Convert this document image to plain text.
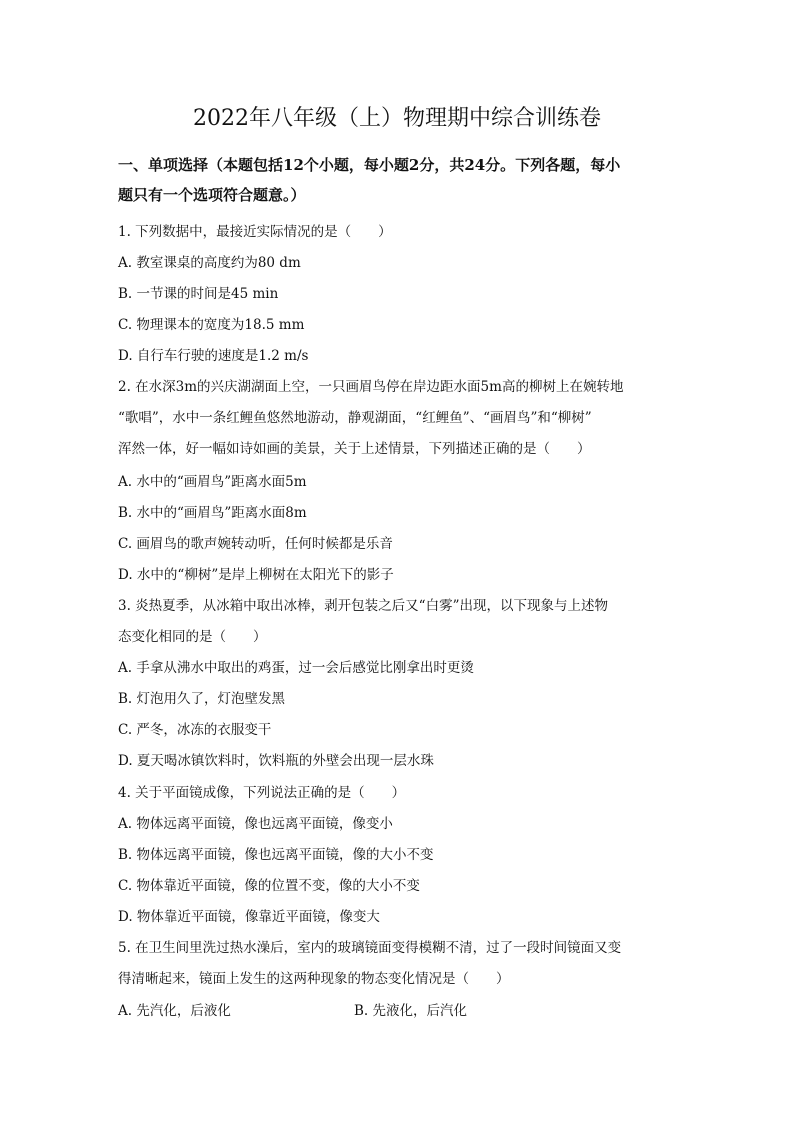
2022年八年级（上）物理期中综合训练卷
一、单项选择（本题包括12个小题，每小题2分，共24分。下列各题，每小
题只有一个选项符合题意。）
1. 下列数据中，最接近实际情况的是（　　）
A. 教室课桌的高度约为80 dm
B. 一节课的时间是45 min
C. 物理课本的宽度为18.5 mm
D. 自行车行驶的速度是1.2 m/s
2. 在水深3m的兴庆湖湖面上空，一只画眉鸟停在岸边距水面5m高的柳树上在婉转地
“歌唱”，水中一条红鲤鱼悠然地游动，静观湖面，“红鲤鱼”、“画眉鸟”和“柳树”
浑然一体，好一幅如诗如画的美景，关于上述情景，下列描述正确的是（　　）
A. 水中的“画眉鸟”距离水面5m
B. 水中的“画眉鸟”距离水面8m
C. 画眉鸟的歌声婉转动听，任何时候都是乐音
D. 水中的“柳树”是岸上柳树在太阳光下的影子
3. 炎热夏季，从冰箱中取出冰棒，剥开包装之后又“白雾”出现，以下现象与上述物
态变化相同的是（　　）
A. 手拿从沸水中取出的鸡蛋，过一会后感觉比刚拿出时更烫
B. 灯泡用久了，灯泡壁发黑
C. 严冬，冰冻的衣服变干
D. 夏天喝冰镇饮料时，饮料瓶的外壁会出现一层水珠
4. 关于平面镜成像，下列说法正确的是（　　）
A. 物体远离平面镜，像也远离平面镜，像变小
B. 物体远离平面镜，像也远离平面镜，像的大小不变
C. 物体靠近平面镜，像的位置不变，像的大小不变
D. 物体靠近平面镜，像靠近平面镜，像变大
5. 在卫生间里洗过热水澡后，室内的玻璃镜面变得模糊不清，过了一段时间镜面又变
得清晰起来，镜面上发生的这两种现象的物态变化情况是（　　）
A. 先汽化，后液化	B. 先液化，后汽化
